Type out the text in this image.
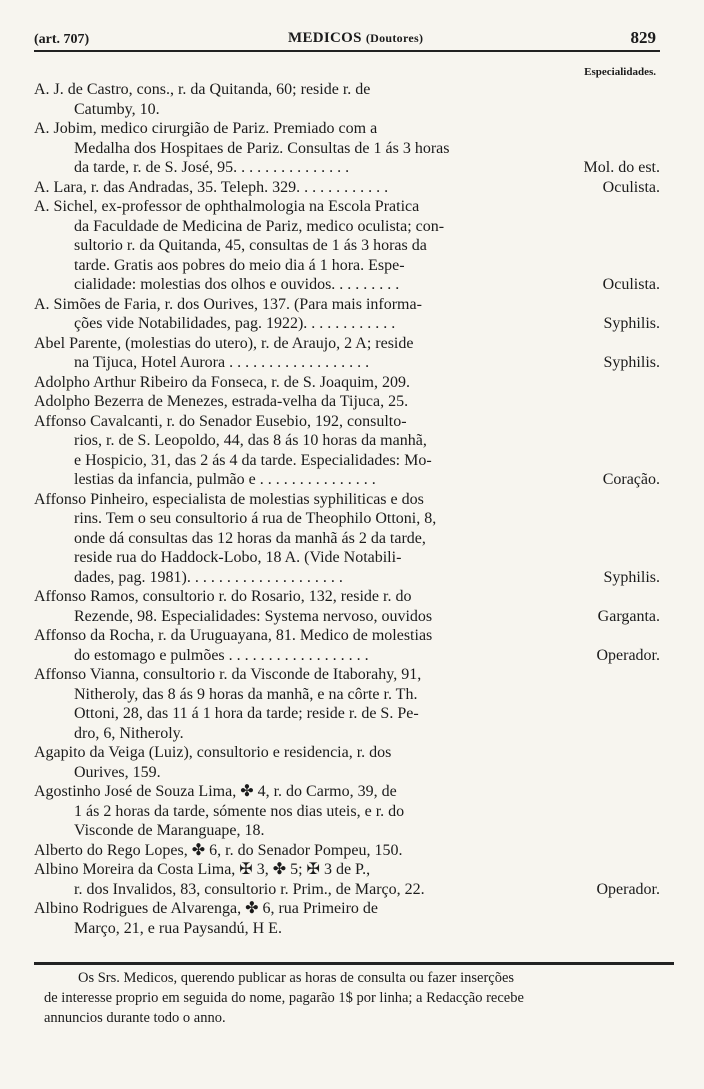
(art. 707)	MEDICOS (Doutores)	829
Especialidades.
A. J. de Castro, cons., r. da Quitanda, 60; reside r. de
Catumby, 10.
A. Jobim, medico cirurgião de Pariz. Premiado com a
Medalha dos Hospitaes de Pariz. Consultas de 1 ás 3 horas
da tarde, r. de S. José, 95. . . . . . . . . . . . . . .	Mol. do est.
A. Lara, r. das Andradas, 35. Teleph. 329. . . . . . . . . . . .	Oculista.
A. Sichel, ex-professor de ophthalmologia na Escola Pratica
da Faculdade de Medicina de Pariz, medico oculista; con-
sultorio r. da Quitanda, 45, consultas de 1 ás 3 horas da
tarde. Gratis aos pobres do meio dia á 1 hora. Espe-
cialidade: molestias dos olhos e ouvidos. . . . . . . . .	Oculista.
A. Simões de Faria, r. dos Ourives, 137. (Para mais informa-
ções vide Notabilidades, pag. 1922). . . . . . . . . . . .	Syphilis.
Abel Parente, (molestias do utero), r. de Araujo, 2 A; reside
na Tijuca, Hotel Aurora . . . . . . . . . . . . . . . . . .	Syphilis.
Adolpho Arthur Ribeiro da Fonseca, r. de S. Joaquim, 209.
Adolpho Bezerra de Menezes, estrada-velha da Tijuca, 25.
Affonso Cavalcanti, r. do Senador Eusebio, 192, consulto-
rios, r. de S. Leopoldo, 44, das 8 ás 10 horas da manhã,
e Hospicio, 31, das 2 ás 4 da tarde. Especialidades: Mo-
lestias da infancia, pulmão e . . . . . . . . . . . . . . .	Coração.
Affonso Pinheiro, especialista de molestias syphiliticas e dos
rins. Tem o seu consultorio á rua de Theophilo Ottoni, 8,
onde dá consultas das 12 horas da manhã ás 2 da tarde,
reside rua do Haddock-Lobo, 18 A. (Vide Notabili-
dades, pag. 1981). . . . . . . . . . . . . . . . . . . .	Syphilis.
Affonso Ramos, consultorio r. do Rosario, 132, reside r. do
Rezende, 98. Especialidades: Systema nervoso, ouvidos	Garganta.
Affonso da Rocha, r. da Uruguayana, 81. Medico de molestias
do estomago e pulmões . . . . . . . . . . . . . . . . . .	Operador.
Affonso Vianna, consultorio r. da Visconde de Itaborahy, 91,
Nitheroly, das 8 ás 9 horas da manhã, e na côrte r. Th.
Ottoni, 28, das 11 á 1 hora da tarde; reside r. de S. Pe-
dro, 6, Nitheroly.
Agapito da Veiga (Luiz), consultorio e residencia, r. dos
Ourives, 159.
Agostinho José de Souza Lima, ✤ 4, r. do Carmo, 39, de
1 ás 2 horas da tarde, sómente nos dias uteis, e r. do
Visconde de Maranguape, 18.
Alberto do Rego Lopes, ✤ 6, r. do Senador Pompeu, 150.
Albino Moreira da Costa Lima, ✠ 3, ✤ 5; ✠ 3 de P.,
r. dos Invalidos, 83, consultorio r. Prim., de Março, 22.	Operador.
Albino Rodrigues de Alvarenga, ✤ 6, rua Primeiro de
Março, 21, e rua Paysandú, H E.
Os Srs. Medicos, querendo publicar as horas de consulta ou fazer inserções
de interesse proprio em seguida do nome, pagarão 1$ por linha; a Redacção recebe
annuncios durante todo o anno.
